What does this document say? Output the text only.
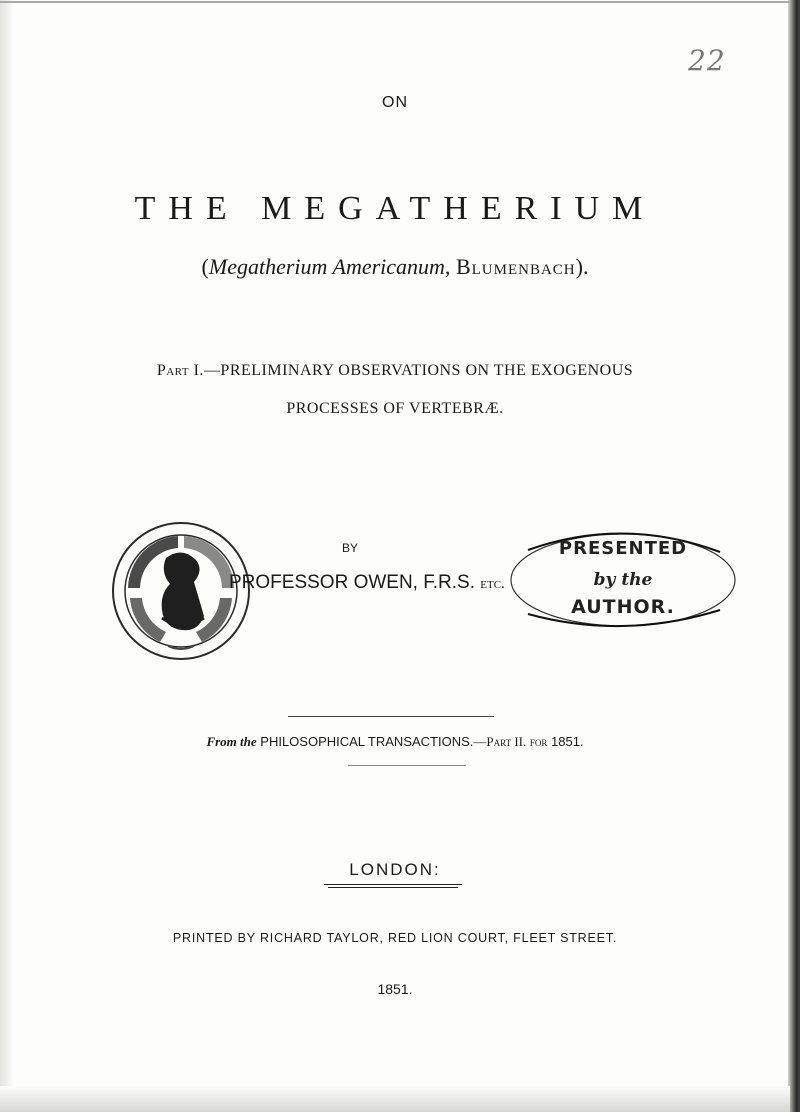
22
ON
THE MEGATHERIUM
(Megatherium Americanum, Blumenbach).
Part I.—PRELIMINARY OBSERVATIONS ON THE EXOGENOUS
PROCESSES OF VERTEBRÆ.
BY
PROFESSOR OWEN, F.R.S. etc.
PRESENTED
by the
AUTHOR.
From the PHILOSOPHICAL TRANSACTIONS.—Part II. for 1851.
LONDON:
PRINTED BY RICHARD TAYLOR, RED LION COURT, FLEET STREET.
1851.
